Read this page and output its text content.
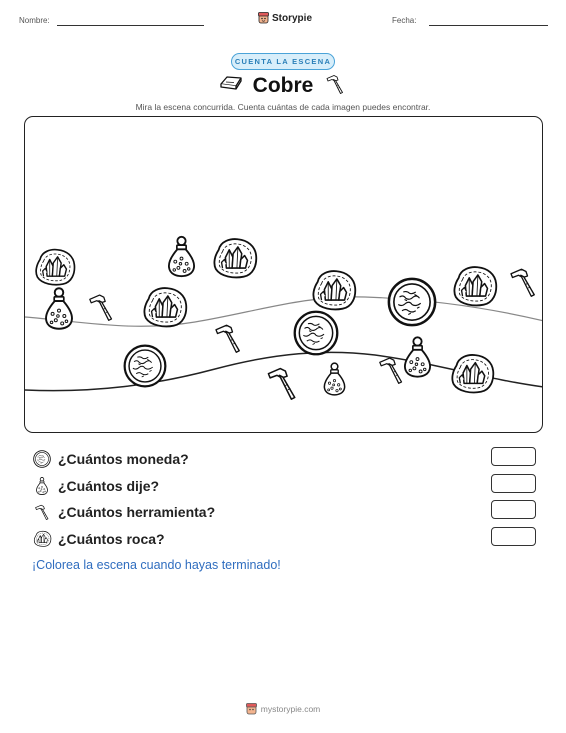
Nombre:	Storypie	Fecha:
CUENTA LA ESCENA
Cobre
Mira la escena concurrida. Cuenta cuántas de cada imagen puedes encontrar.
¿Cuántos moneda?
¿Cuántos dije?
¿Cuántos herramienta?
¿Cuántos roca?
¡Colorea la escena cuando hayas terminado!
mystorypie.com
